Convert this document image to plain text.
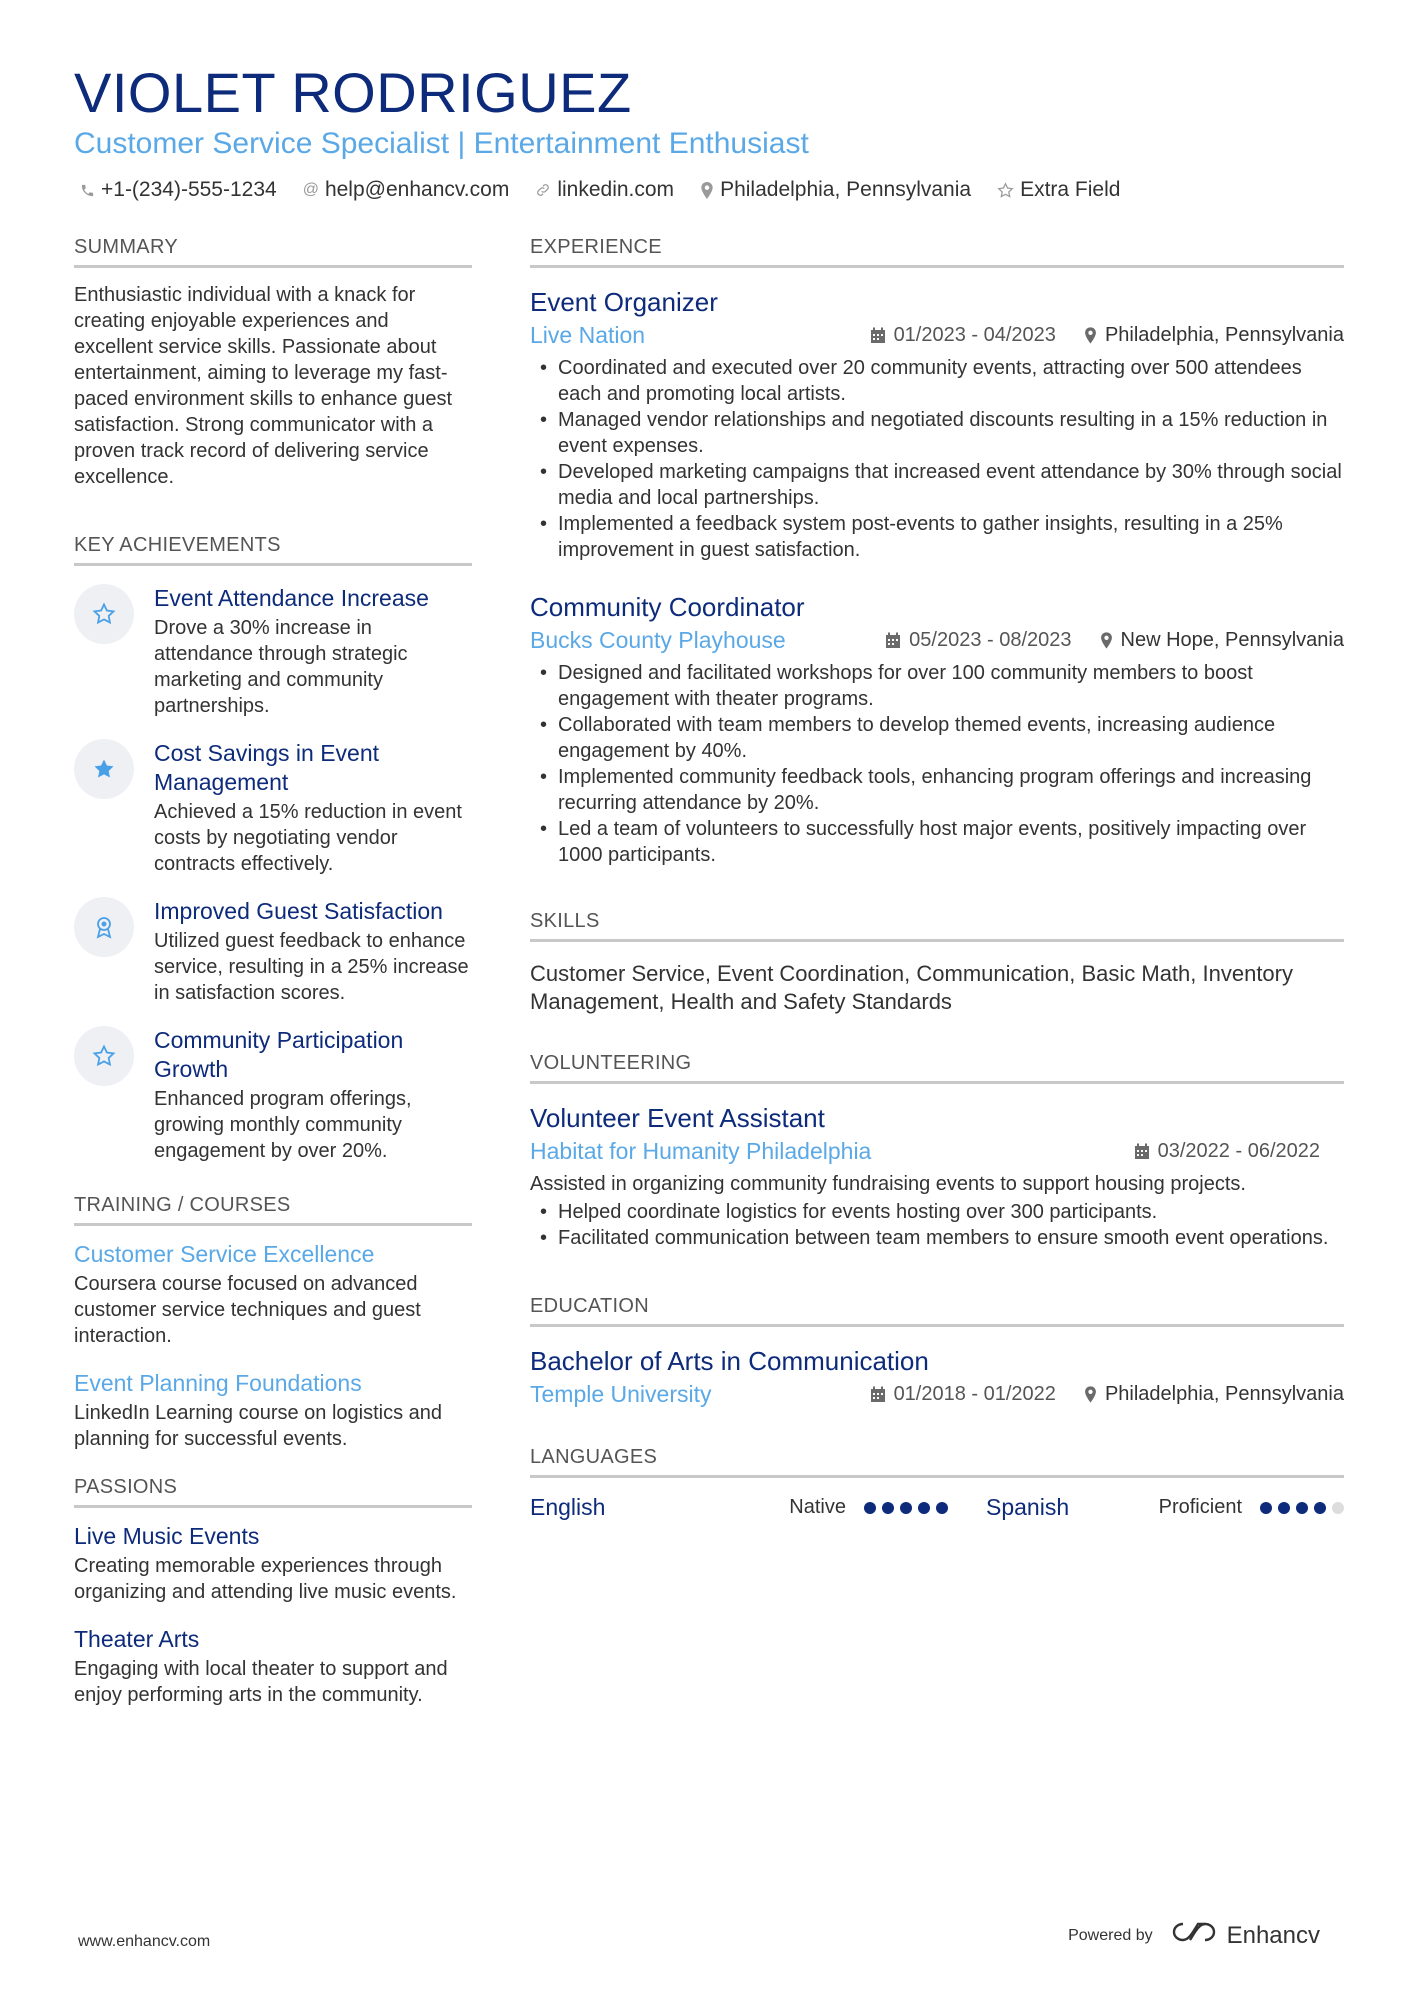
VIOLET RODRIGUEZ
Customer Service Specialist | Entertainment Enthusiast
+1-(234)-555-1234 @ help@enhancv.com linkedin.com Philadelphia, Pennsylvania Extra Field
SUMMARY

Enthusiastic individual with a knack for creating enjoyable experiences and excellent service skills. Passionate about entertainment, aiming to leverage my fast-paced environment skills to enhance guest satisfaction. Strong communicator with a proven track record of delivering service excellence.

KEY ACHIEVEMENTS
Event Attendance Increase
Drove a 30% increase in attendance through strategic marketing and community partnerships.
Cost Savings in Event Management
Achieved a 15% reduction in event costs by negotiating vendor contracts effectively.
Improved Guest Satisfaction
Utilized guest feedback to enhance service, resulting in a 25% increase in satisfaction scores.
Community Participation Growth
Enhanced program offerings, growing monthly community engagement by over 20%.
TRAINING / COURSES
Customer Service Excellence
Coursera course focused on advanced customer service techniques and guest interaction.
Event Planning Foundations
LinkedIn Learning course on logistics and planning for successful events.
PASSIONS
Live Music Events
Creating memorable experiences through organizing and attending live music events.
Theater Arts
Engaging with local theater to support and enjoy performing arts in the community.
EXPERIENCE
Event Organizer
Live Nation	01/2023 - 04/2023 Philadelphia, Pennsylvania
• Coordinated and executed over 20 community events, attracting over 500 attendees each and promoting local artists.
• Managed vendor relationships and negotiated discounts resulting in a 15% reduction in event expenses.
• Developed marketing campaigns that increased event attendance by 30% through social media and local partnerships.
• Implemented a feedback system post-events to gather insights, resulting in a 25% improvement in guest satisfaction.
Community Coordinator
Bucks County Playhouse	05/2023 - 08/2023 New Hope, Pennsylvania
• Designed and facilitated workshops for over 100 community members to boost engagement with theater programs.
• Collaborated with team members to develop themed events, increasing audience engagement by 40%.
• Implemented community feedback tools, enhancing program offerings and increasing recurring attendance by 20%.
• Led a team of volunteers to successfully host major events, positively impacting over 1000 participants.
SKILLS

Customer Service, Event Coordination, Communication, Basic Math, Inventory Management, Health and Safety Standards

VOLUNTEERING
Volunteer Event Assistant
Habitat for Humanity Philadelphia	03/2022 - 06/2022

Assisted in organizing community fundraising events to support housing projects.

• Helped coordinate logistics for events hosting over 300 participants.
• Facilitated communication between team members to ensure smooth event operations.
EDUCATION
Bachelor of Arts in Communication
Temple University	01/2018 - 01/2022 Philadelphia, Pennsylvania
LANGUAGES
English	Native	Spanish	Proficient
www.enhancv.com	Powered by	Enhancv
